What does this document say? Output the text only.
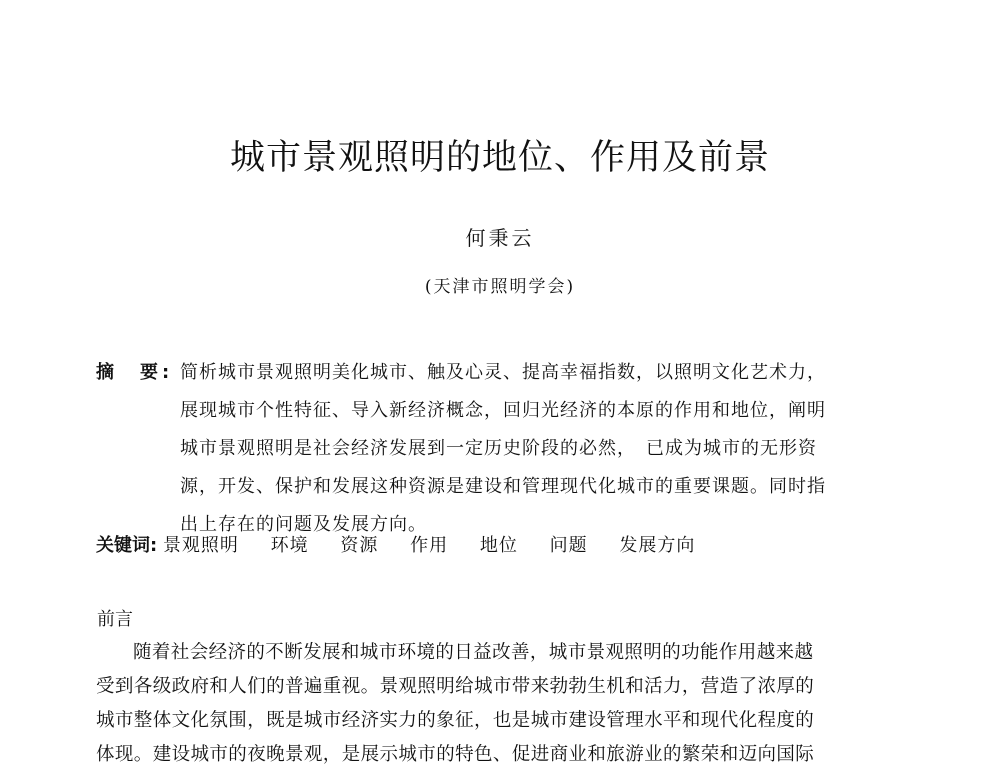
城市景观照明的地位、作用及前景
何秉云
(天津市照明学会)
摘　要: 简析城市景观照明美化城市、触及心灵、提高幸福指数，以照明文化艺术力，
展现城市个性特征、导入新经济概念，回归光经济的本原的作用和地位，阐明
城市景观照明是社会经济发展到一定历史阶段的必然，　已成为城市的无形资
源，开发、保护和发展这种资源是建设和管理现代化城市的重要课题。同时指
出上存在的问题及发展方向。
关键词: 景观照明 环境 资源 作用 地位 问题 发展方向
前言
随着社会经济的不断发展和城市环境的日益改善，城市景观照明的功能作用越来越
受到各级政府和人们的普遍重视。景观照明给城市带来勃勃生机和活力，营造了浓厚的
城市整体文化氛围，既是城市经济实力的象征，也是城市建设管理水平和现代化程度的
体现。建设城市的夜晚景观，是展示城市的特色、促进商业和旅游业的繁荣和迈向国际
